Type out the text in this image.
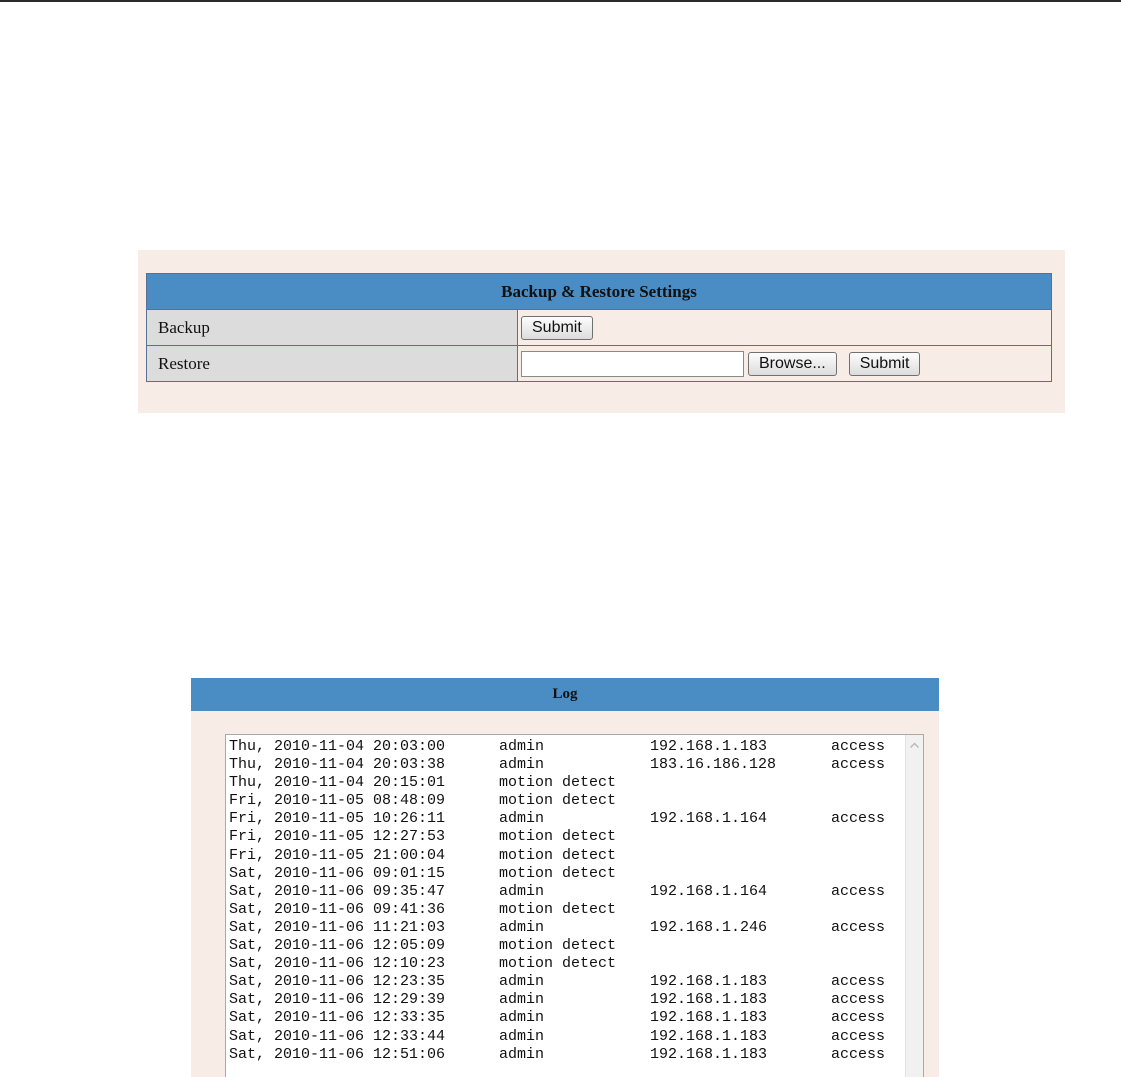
Backup & Restore Settings
Backup	Submit
Restore	Browse...	Submit
Log
Thu, 2010-11-04 20:03:00	admin	192.168.1.183	access
Thu, 2010-11-04 20:03:38	admin	183.16.186.128	access
Thu, 2010-11-04 20:15:01	motion detect
Fri, 2010-11-05 08:48:09	motion detect
Fri, 2010-11-05 10:26:11	admin	192.168.1.164	access
Fri, 2010-11-05 12:27:53	motion detect
Fri, 2010-11-05 21:00:04	motion detect
Sat, 2010-11-06 09:01:15	motion detect
Sat, 2010-11-06 09:35:47	admin	192.168.1.164	access
Sat, 2010-11-06 09:41:36	motion detect
Sat, 2010-11-06 11:21:03	admin	192.168.1.246	access
Sat, 2010-11-06 12:05:09	motion detect
Sat, 2010-11-06 12:10:23	motion detect
Sat, 2010-11-06 12:23:35	admin	192.168.1.183	access
Sat, 2010-11-06 12:29:39	admin	192.168.1.183	access
Sat, 2010-11-06 12:33:35	admin	192.168.1.183	access
Sat, 2010-11-06 12:33:44	admin	192.168.1.183	access
Sat, 2010-11-06 12:51:06	admin	192.168.1.183	access
